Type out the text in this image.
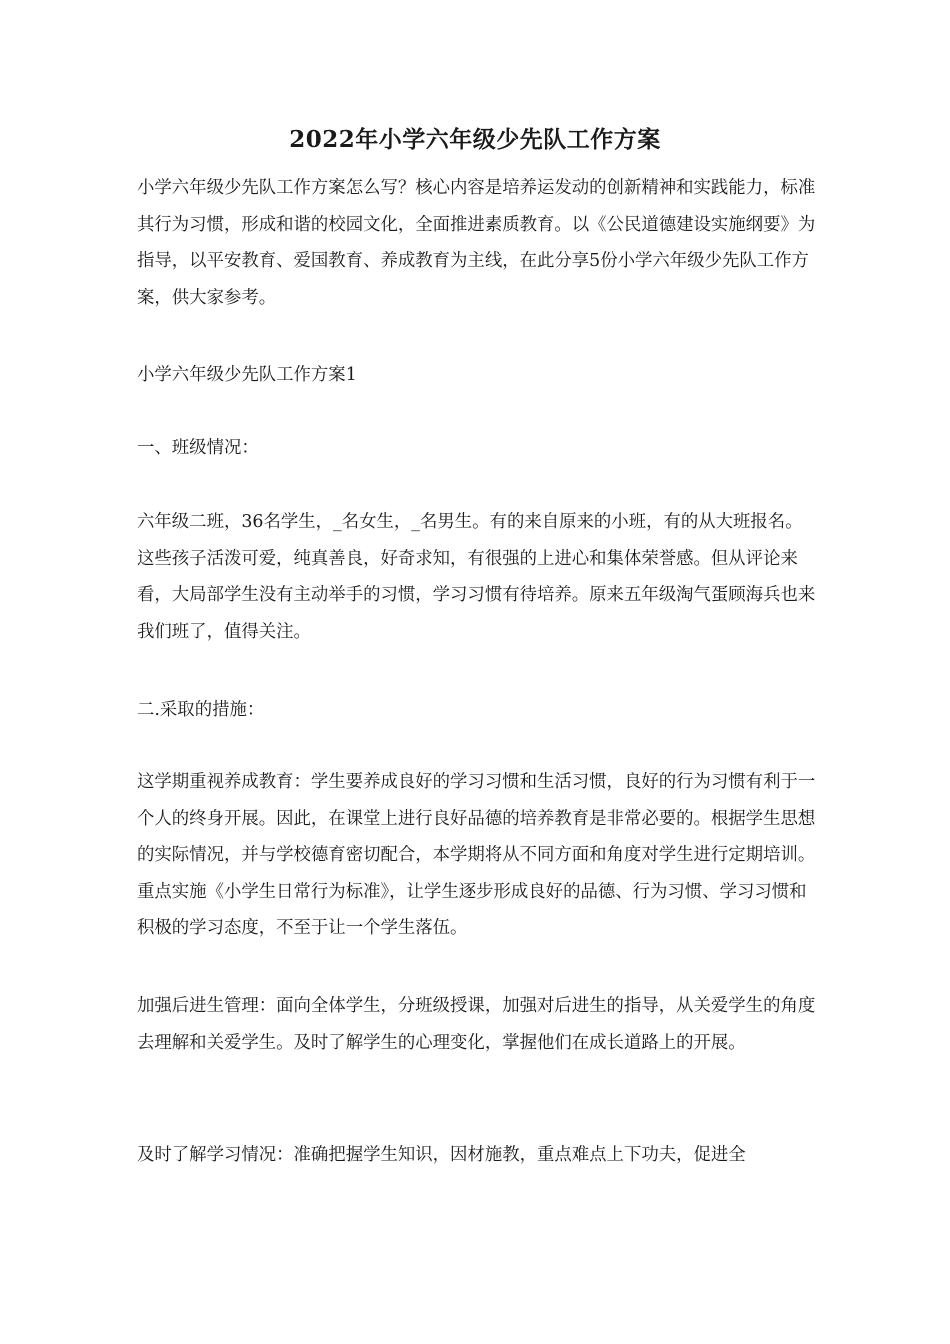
2022年小学六年级少先队工作方案

小学六年级少先队工作方案怎么写？核心内容是培养运发动的创新精神和实践能力，标准其行为习惯，形成和谐的校园文化，全面推进素质教育。以《公民道德建设实施纲要》为指导，以平安教育、爱国教育、养成教育为主线，在此分享5份小学六年级少先队工作方案，供大家参考。

小学六年级少先队工作方案1

一、班级情况：

六年级二班，36名学生，_名女生，_名男生。有的来自原来的小班，有的从大班报名。这些孩子活泼可爱，纯真善良，好奇求知，有很强的上进心和集体荣誉感。但从评论来看，大局部学生没有主动举手的习惯，学习习惯有待培养。原来五年级淘气蛋顾海兵也来我们班了，值得关注。

二.采取的措施：

这学期重视养成教育：学生要养成良好的学习习惯和生活习惯，良好的行为习惯有利于一个人的终身开展。因此，在课堂上进行良好品德的培养教育是非常必要的。根据学生思想的实际情况，并与学校德育密切配合，本学期将从不同方面和角度对学生进行定期培训。重点实施《小学生日常行为标准》，让学生逐步形成良好的品德、行为习惯、学习习惯和积极的学习态度，不至于让一个学生落伍。

加强后进生管理：面向全体学生，分班级授课，加强对后进生的指导，从关爱学生的角度去理解和关爱学生。及时了解学生的心理变化，掌握他们在成长道路上的开展。

及时了解学习情况：准确把握学生知识，因材施教，重点难点上下功夫，促进全
